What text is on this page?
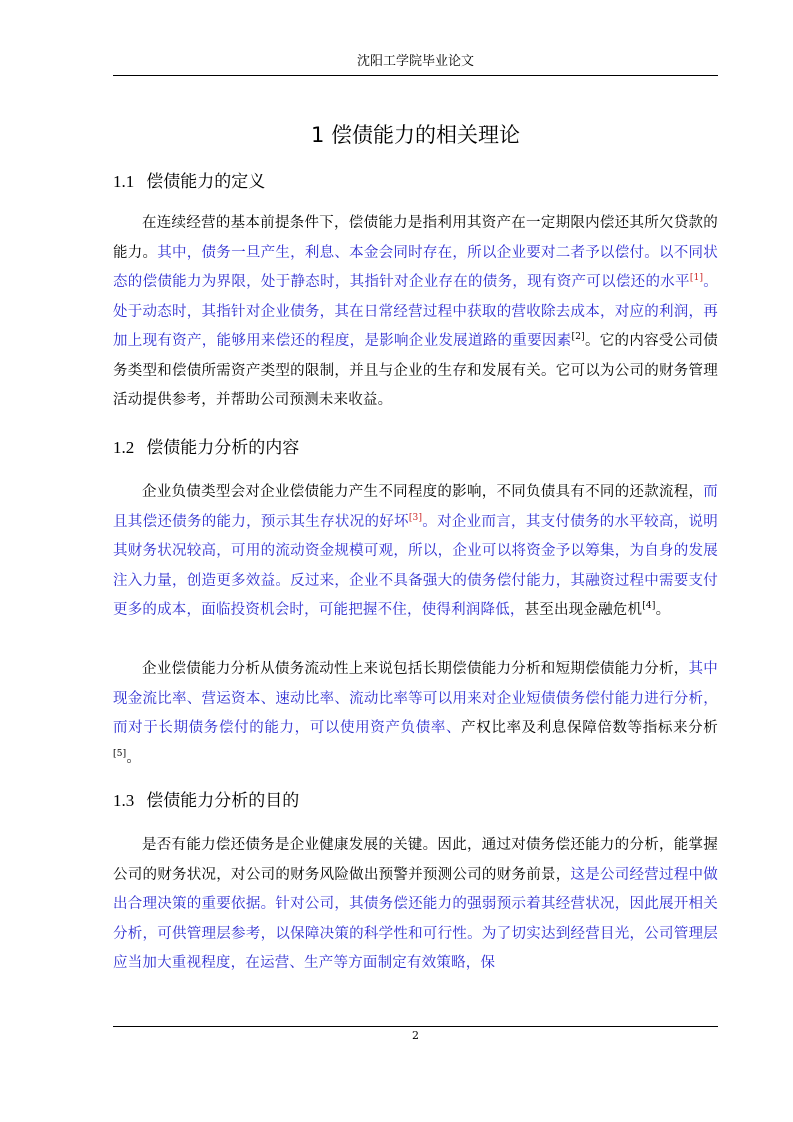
沈阳工学院毕业论文
1 偿债能力的相关理论
1.1 偿债能力的定义

在连续经营的基本前提条件下，偿债能力是指利用其资产在一定期限内偿还其所欠贷款的能力。其中，债务一旦产生，利息、本金会同时存在，所以企业要对二者予以偿付。以不同状态的偿债能力为界限，处于静态时，其指针对企业存在的债务，现有资产可以偿还的水平[1]。处于动态时，其指针对企业债务，其在日常经营过程中获取的营收除去成本，对应的利润，再加上现有资产，能够用来偿还的程度，是影响企业发展道路的重要因素[2]。它的内容受公司债务类型和偿债所需资产类型的限制，并且与企业的生存和发展有关。它可以为公司的财务管理活动提供参考，并帮助公司预测未来收益。

1.2 偿债能力分析的内容

企业负债类型会对企业偿债能力产生不同程度的影响，不同负债具有不同的还款流程，而且其偿还债务的能力，预示其生存状况的好坏[3]。对企业而言，其支付债务的水平较高，说明其财务状况较高，可用的流动资金规模可观，所以，企业可以将资金予以筹集，为自身的发展注入力量，创造更多效益。反过来，企业不具备强大的债务偿付能力，其融资过程中需要支付更多的成本，面临投资机会时，可能把握不住，使得利润降低，甚至出现金融危机[4]。

企业偿债能力分析从债务流动性上来说包括长期偿债能力分析和短期偿债能力分析，其中现金流比率、营运资本、速动比率、流动比率等可以用来对企业短债债务偿付能力进行分析，而对于长期债务偿付的能力，可以使用资产负债率、产权比率及利息保障倍数等指标来分析[5]。

1.3 偿债能力分析的目的

是否有能力偿还债务是企业健康发展的关键。因此，通过对债务偿还能力的分析，能掌握公司的财务状况，对公司的财务风险做出预警并预测公司的财务前景，这是公司经营过程中做出合理决策的重要依据。针对公司，其债务偿还能力的强弱预示着其经营状况，因此展开相关分析，可供管理层参考，以保障决策的科学性和可行性。为了切实达到经营目光，公司管理层应当加大重视程度，在运营、生产等方面制定有效策略，保

2
